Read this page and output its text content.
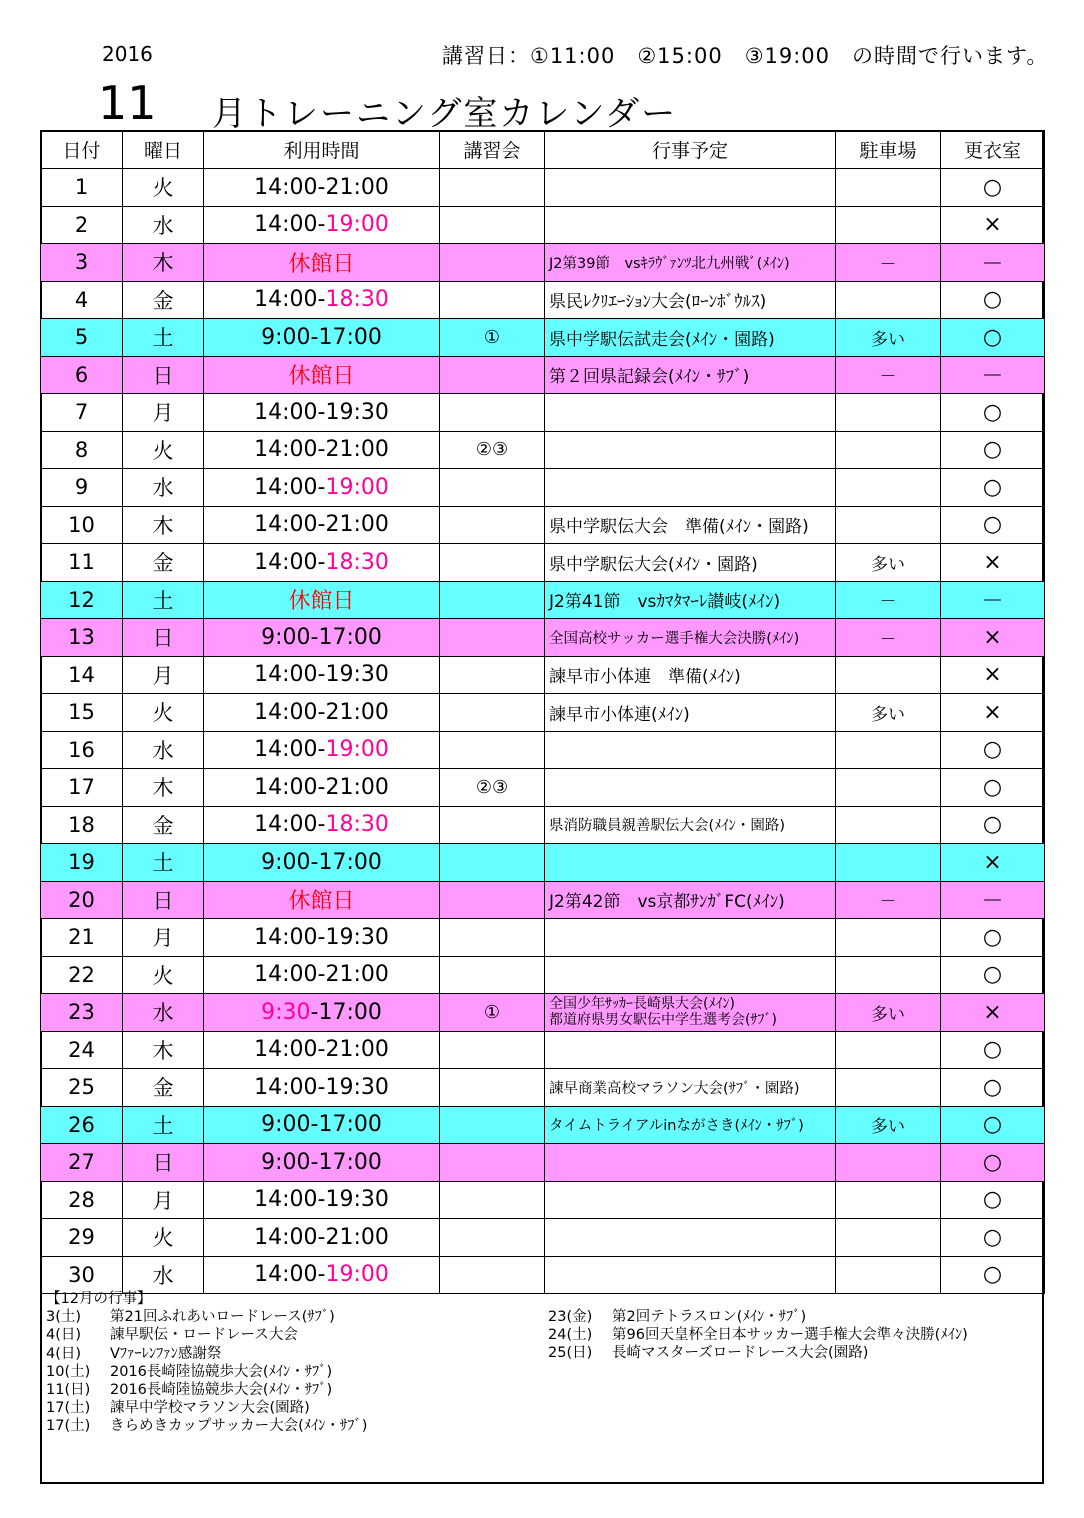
2016	講習日：①11:00　②15:00　③19:00　の時間で行います。
11 月トレーニング室カレンダー
日付	曜日	利用時間	講習会	行事予定	駐車場	更衣室
1	火	14:00-21:00				○
2	水	14:00-19:00				×
3	木	休館日		J2第39節　vsｷﾗｳﾞｧﾝﾂ北九州戦ﾞ(ﾒｲﾝ)	－	－
4	金	14:00-18:30		県民ﾚｸﾘｴｰｼｮﾝ大会(ﾛｰﾝﾎﾞｳﾙｽ)		○
5	土	9:00-17:00	①	県中学駅伝試走会(ﾒｲﾝ・園路)	多い	○
6	日	休館日		第２回県記録会(ﾒｲﾝ・ｻﾌﾞ)	－	－
7	月	14:00-19:30				○
8	火	14:00-21:00	②③			○
9	水	14:00-19:00				○
10	木	14:00-21:00		県中学駅伝大会　準備(ﾒｲﾝ・園路)		○
11	金	14:00-18:30		県中学駅伝大会(ﾒｲﾝ・園路)	多い	×
12	土	休館日		J2第41節　vsｶﾏﾀﾏｰﾚ讃岐(ﾒｲﾝ)	－	－
13	日	9:00-17:00		全国高校サッカー選手権大会決勝(ﾒｲﾝ)	－	×
14	月	14:00-19:30		諫早市小体連　準備(ﾒｲﾝ)		×
15	火	14:00-21:00		諫早市小体連(ﾒｲﾝ)	多い	×
16	水	14:00-19:00				○
17	木	14:00-21:00	②③			○
18	金	14:00-18:30		県消防職員親善駅伝大会(ﾒｲﾝ・園路)		○
19	土	9:00-17:00				×
20	日	休館日		J2第42節　vs京都ｻﾝｶﾞFC(ﾒｲﾝ)	－	－
21	月	14:00-19:30				○
22	火	14:00-21:00				○
23	水	9:30-17:00	①	全国少年ｻｯｶｰ長崎県大会(ﾒｲﾝ)
都道府県男女駅伝中学生選考会(ｻﾌﾞ)	多い	×
24	木	14:00-21:00				○
25	金	14:00-19:30		諫早商業高校マラソン大会(ｻﾌﾞ・園路)		○
26	土	9:00-17:00		タイムトライアルinながさき(ﾒｲﾝ・ｻﾌﾞ)	多い	○
27	日	9:00-17:00				○
28	月	14:00-19:30				○
29	火	14:00-21:00				○
30	水	14:00-19:00				○
【12月の行事】
3(土) 第21回ふれあいロードレース(ｻﾌﾞ)
4(日) 諫早駅伝・ロードレース大会
4(日) Vﾌｧｰﾚﾝﾌｧﾝ感謝祭
10(土) 2016長崎陸協競歩大会(ﾒｲﾝ・ｻﾌﾞ)
11(日) 2016長崎陸協競歩大会(ﾒｲﾝ・ｻﾌﾞ)
17(土) 諫早中学校マラソン大会(園路)
17(土) きらめきカップサッカー大会(ﾒｲﾝ・ｻﾌﾞ)
23(金) 第2回テトラスロン(ﾒｲﾝ・ｻﾌﾞ)
24(土) 第96回天皇杯全日本サッカー選手権大会準々決勝(ﾒｲﾝ)
25(日) 長崎マスターズロードレース大会(園路)
